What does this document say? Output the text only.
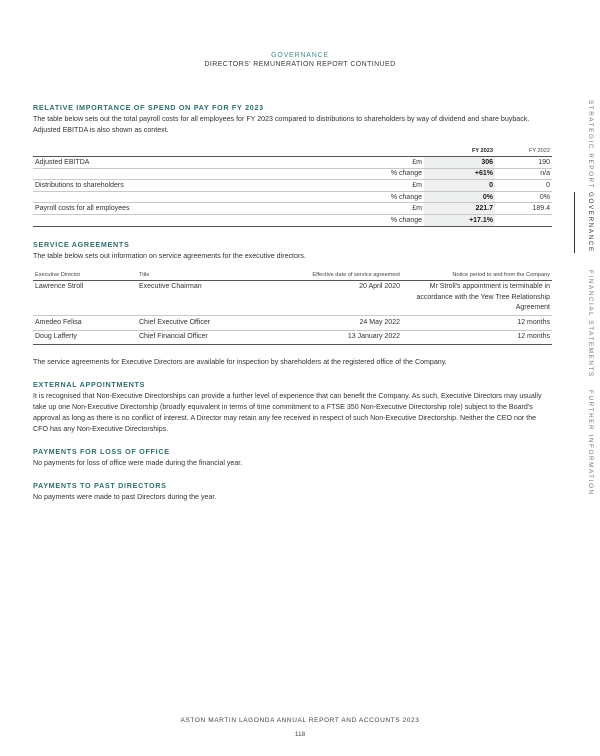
GOVERNANCE
DIRECTORS' REMUNERATION REPORT CONTINUED
RELATIVE IMPORTANCE OF SPEND ON PAY FOR FY 2023

The table below sets out the total payroll costs for all employees for FY 2023 compared to distributions to shareholders by way of dividend and share buyback. Adjusted EBITDA is also shown as context.

		FY 2023	FY 2022
Adjusted EBITDA	£m	306	190
	% change	+61%	n/a
Distributions to shareholders	£m	0	0
	% change	0%	0%
Payroll costs for all employees	£m	221.7	189.4
	% change	+17.1%	
SERVICE AGREEMENTS

The table below sets out information on service agreements for the executive directors.

Executive Director	Title	Effective date of service agreement	Notice period to and from the Company
Lawrence Stroll	Executive Chairman	20 April 2020	Mr Stroll's appointment is terminable in accordance with the Yew Tree Relationship Agreement
Amedeo Felisa	Chief Executive Officer	24 May 2022	12 months
Doug Lafferty	Chief Financial Officer	13 January 2022	12 months

The service agreements for Executive Directors are available for inspection by shareholders at the registered office of the Company.

EXTERNAL APPOINTMENTS

It is recognised that Non-Executive Directorships can provide a further level of experience that can benefit the Company. As such, Executive Directors may usually take up one Non-Executive Directorship (broadly equivalent in terms of time commitment to a FTSE 350 Non-Executive Directorship role) subject to the Board's approval as long as there is no conflict of interest. A Director may retain any fee received in respect of such Non-Executive Directorship. Neither the CEO nor the CFO has any Non-Executive Directorships.

PAYMENTS FOR LOSS OF OFFICE

No payments for loss of office were made during the financial year.

PAYMENTS TO PAST DIRECTORS

No payments were made to past Directors during the year.

STRATEGIC REPORT
GOVERNANCE
FINANCIAL STATEMENTS
FURTHER INFORMATION
ASTON MARTIN LAGONDA ANNUAL REPORT AND ACCOUNTS 2023
118
